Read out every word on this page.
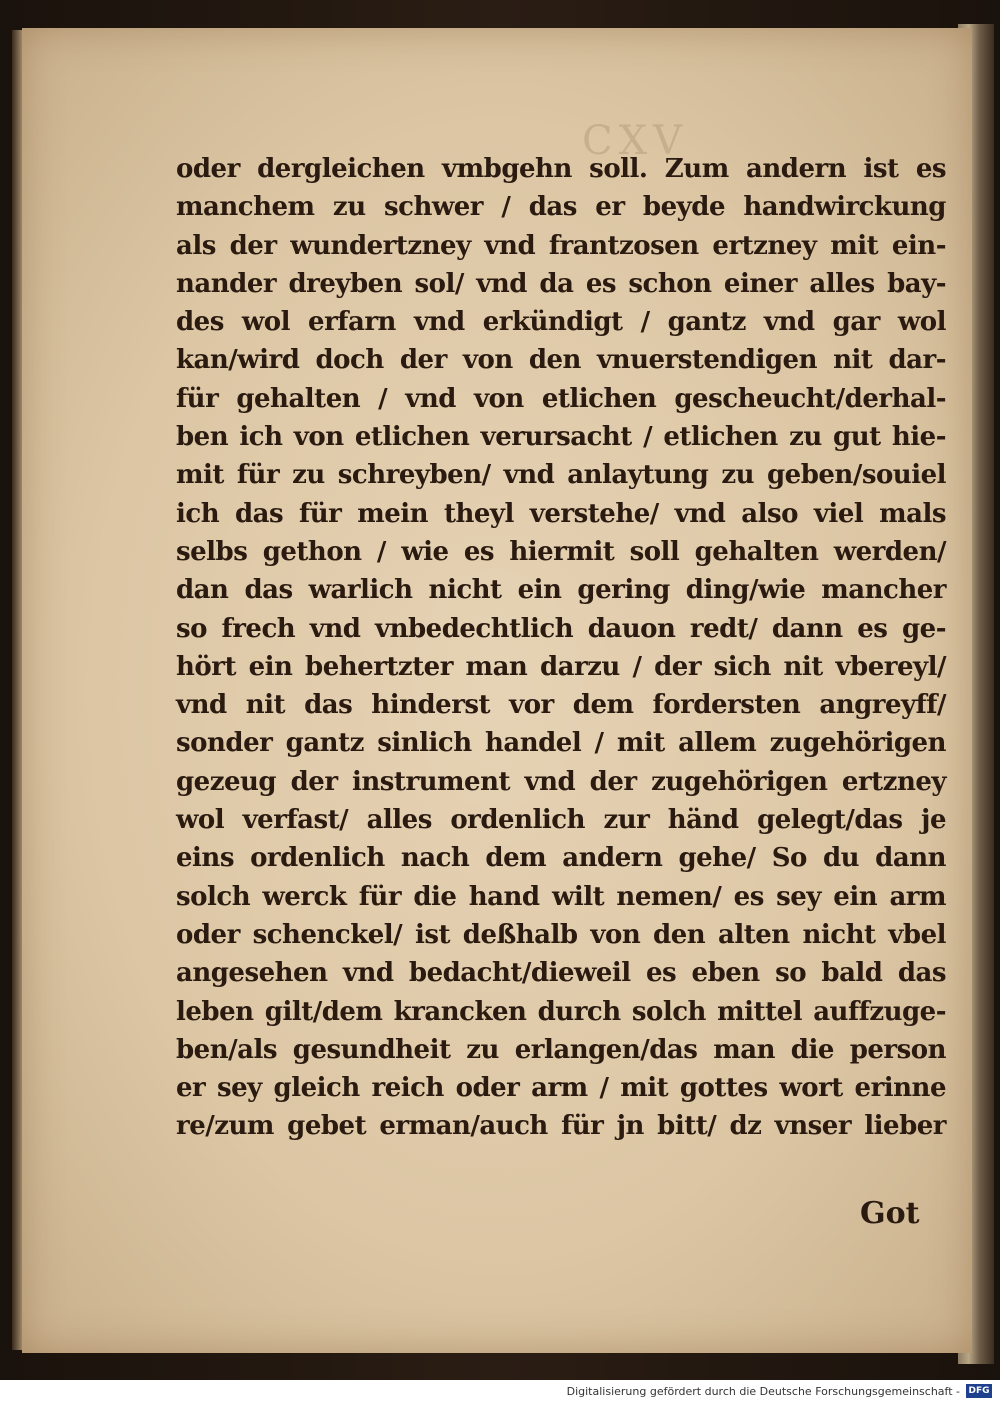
CXV
oder dergleichen vmbgehn soll. Zum andern ist es
manchem zu schwer / das er beyde handwirckung
als der wundertzney vnd frantzosen ertzney mit ein-
nander dreyben sol/ vnd da es schon einer alles bay-
des wol erfarn vnd erkündigt / gantz vnd gar wol
kan/wird doch der von den vnuerstendigen nit dar-
für gehalten / vnd von etlichen gescheucht/derhal-
ben ich von etlichen verursacht / etlichen zu gut hie-
mit für zu schreyben/ vnd anlaytung zu geben/souiel
ich das für mein theyl verstehe/ vnd also viel mals
selbs gethon / wie es hiermit soll gehalten werden/
dan das warlich nicht ein gering ding/wie mancher
so frech vnd vnbedechtlich dauon redt/ dann es ge-
hört ein behertzter man darzu / der sich nit vbereyl/
vnd nit das hinderst vor dem fordersten angreyff/
sonder gantz sinlich handel / mit allem zugehörigen
gezeug der instrument vnd der zugehörigen ertzney
wol verfast/ alles ordenlich zur händ gelegt/das je
eins ordenlich nach dem andern gehe/ So du dann
solch werck für die hand wilt nemen/ es sey ein arm
oder schenckel/ ist deßhalb von den alten nicht vbel
angesehen vnd bedacht/dieweil es eben so bald das
leben gilt/dem krancken durch solch mittel auffzuge-
ben/als gesundheit zu erlangen/das man die person
er sey gleich reich oder arm / mit gottes wort erinne
re/zum gebet erman/auch für jn bitt/ dz vnser lieber
Got
Digitalisierung gefördert durch die Deutsche Forschungsgemeinschaft - DFG
